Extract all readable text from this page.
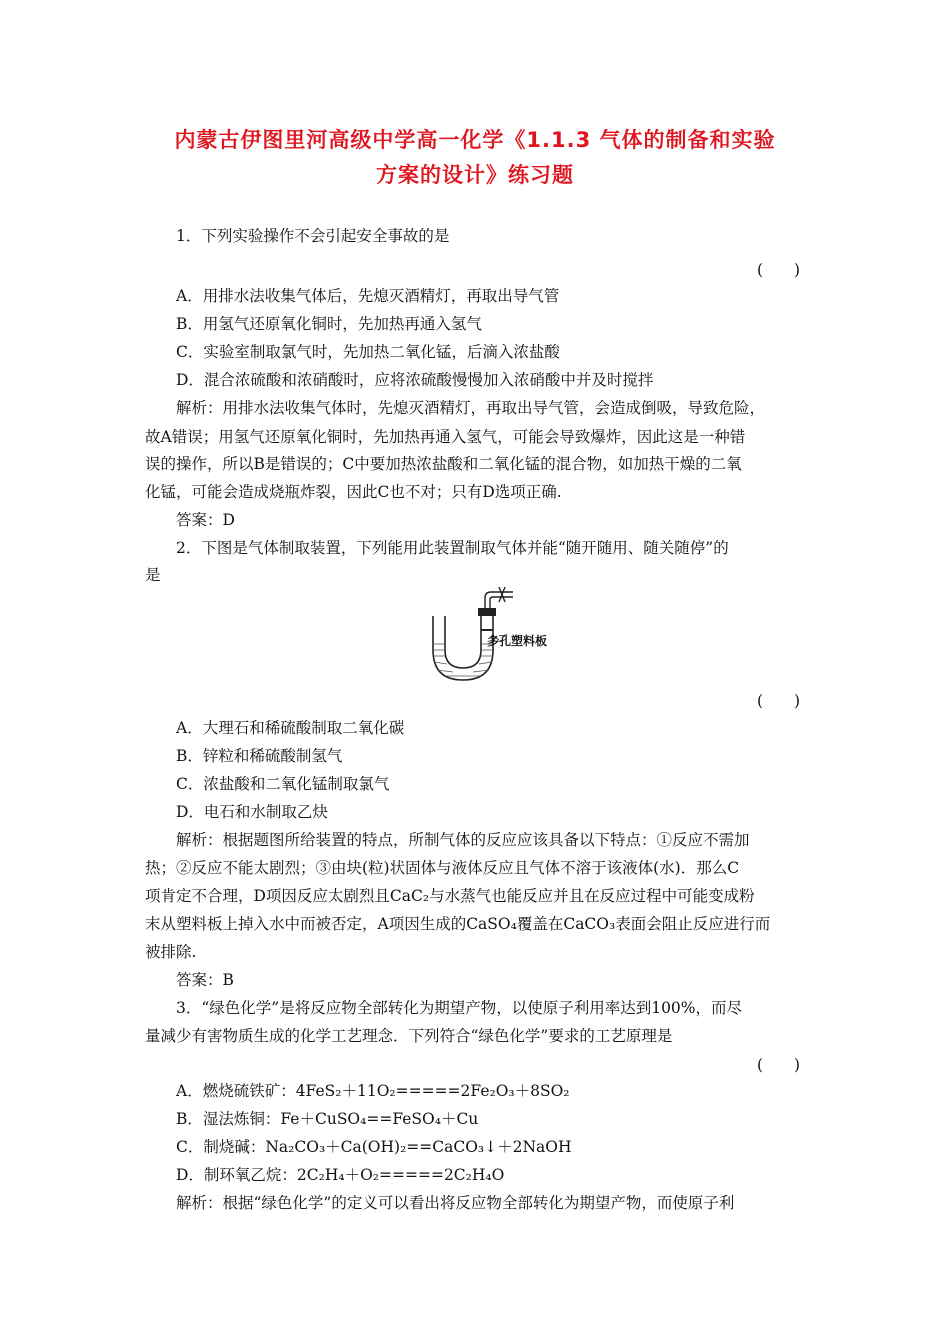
内蒙古伊图里河高级中学高一化学《1.1.3 气体的制备和实验
方案的设计》练习题
1．下列实验操作不会引起安全事故的是
(　　)
A．用排水法收集气体后，先熄灭酒精灯，再取出导气管
B．用氢气还原氧化铜时，先加热再通入氢气
C．实验室制取氯气时，先加热二氧化锰，后滴入浓盐酸
D．混合浓硫酸和浓硝酸时，应将浓硫酸慢慢加入浓硝酸中并及时搅拌
解析：用排水法收集气体时，先熄灭酒精灯，再取出导气管，会造成倒吸，导致危险，
故A错误；用氢气还原氧化铜时，先加热再通入氢气，可能会导致爆炸，因此这是一种错
误的操作，所以B是错误的；C中要加热浓盐酸和二氧化锰的混合物，如加热干燥的二氧
化锰，可能会造成烧瓶炸裂，因此C也不对；只有D选项正确.
答案：D
2．下图是气体制取装置，下列能用此装置制取气体并能“随开随用、随关随停”的
是
多孔塑料板
(　　)
A．大理石和稀硫酸制取二氧化碳
B．锌粒和稀硫酸制氢气
C．浓盐酸和二氧化锰制取氯气
D．电石和水制取乙炔
解析：根据题图所给装置的特点，所制气体的反应应该具备以下特点：①反应不需加
热；②反应不能太剧烈；③由块(粒)状固体与液体反应且气体不溶于该液体(水)．那么C
项肯定不合理，D项因反应太剧烈且CaC₂与水蒸气也能反应并且在反应过程中可能变成粉
末从塑料板上掉入水中而被否定，A项因生成的CaSO₄覆盖在CaCO₃表面会阻止反应进行而
被排除.
答案：B
3．“绿色化学”是将反应物全部转化为期望产物，以使原子利用率达到100%，而尽
量减少有害物质生成的化学工艺理念．下列符合“绿色化学”要求的工艺原理是
(　　)
A．燃烧硫铁矿：4FeS₂＋11O₂=====2Fe₂O₃＋8SO₂
B．湿法炼铜：Fe＋CuSO₄==FeSO₄＋Cu
C．制烧碱：Na₂CO₃＋Ca(OH)₂==CaCO₃↓＋2NaOH
D．制环氧乙烷：2C₂H₄＋O₂=====2C₂H₄O
解析：根据“绿色化学”的定义可以看出将反应物全部转化为期望产物，而使原子利
